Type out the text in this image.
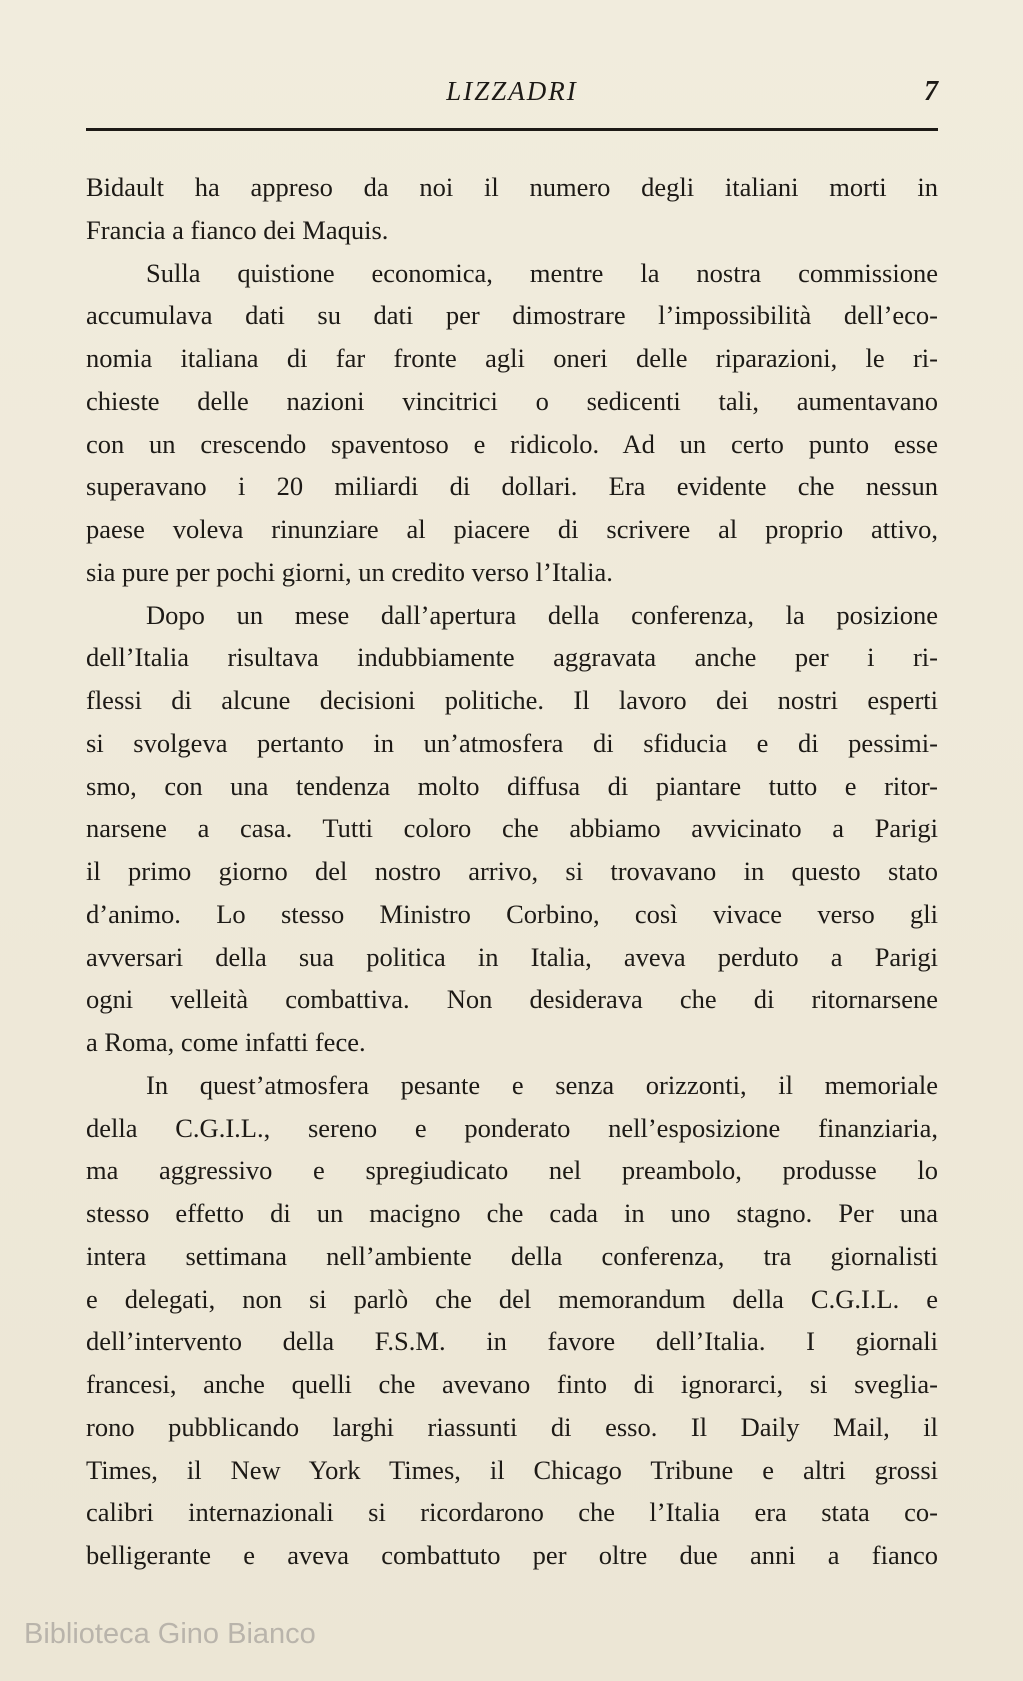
LIZZADRI	7
Bidault ha appreso da noi il numero degli italiani morti in
Francia a fianco dei Maquis.
Sulla quistione economica, mentre la nostra commissione
accumulava dati su dati per dimostrare l’impossibilità dell’eco-
nomia italiana di far fronte agli oneri delle riparazioni, le ri-
chieste delle nazioni vincitrici o sedicenti tali, aumentavano
con un crescendo spaventoso e ridicolo. Ad un certo punto esse
superavano i 20 miliardi di dollari. Era evidente che nessun
paese voleva rinunziare al piacere di scrivere al proprio attivo,
sia pure per pochi giorni, un credito verso l’Italia.
Dopo un mese dall’apertura della conferenza, la posizione
dell’Italia risultava indubbiamente aggravata anche per i ri-
flessi di alcune decisioni politiche. Il lavoro dei nostri esperti
si svolgeva pertanto in un’atmosfera di sfiducia e di pessimi-
smo, con una tendenza molto diffusa di piantare tutto e ritor-
narsene a casa. Tutti coloro che abbiamo avvicinato a Parigi
il primo giorno del nostro arrivo, si trovavano in questo stato
d’animo. Lo stesso Ministro Corbino, così vivace verso gli
avversari della sua politica in Italia, aveva perduto a Parigi
ogni velleità combattiva. Non desiderava che di ritornarsene
a Roma, come infatti fece.
In quest’atmosfera pesante e senza orizzonti, il memoriale
della C.G.I.L., sereno e ponderato nell’esposizione finanziaria,
ma aggressivo e spregiudicato nel preambolo, produsse lo
stesso effetto di un macigno che cada in uno stagno. Per una
intera settimana nell’ambiente della conferenza, tra giornalisti
e delegati, non si parlò che del memorandum della C.G.I.L. e
dell’intervento della F.S.M. in favore dell’Italia. I giornali
francesi, anche quelli che avevano finto di ignorarci, si sveglia-
rono pubblicando larghi riassunti di esso. Il Daily Mail, il
Times, il New York Times, il Chicago Tribune e altri grossi
calibri internazionali si ricordarono che l’Italia era stata co-
belligerante e aveva combattuto per oltre due anni a fianco
Biblioteca Gino Bianco
